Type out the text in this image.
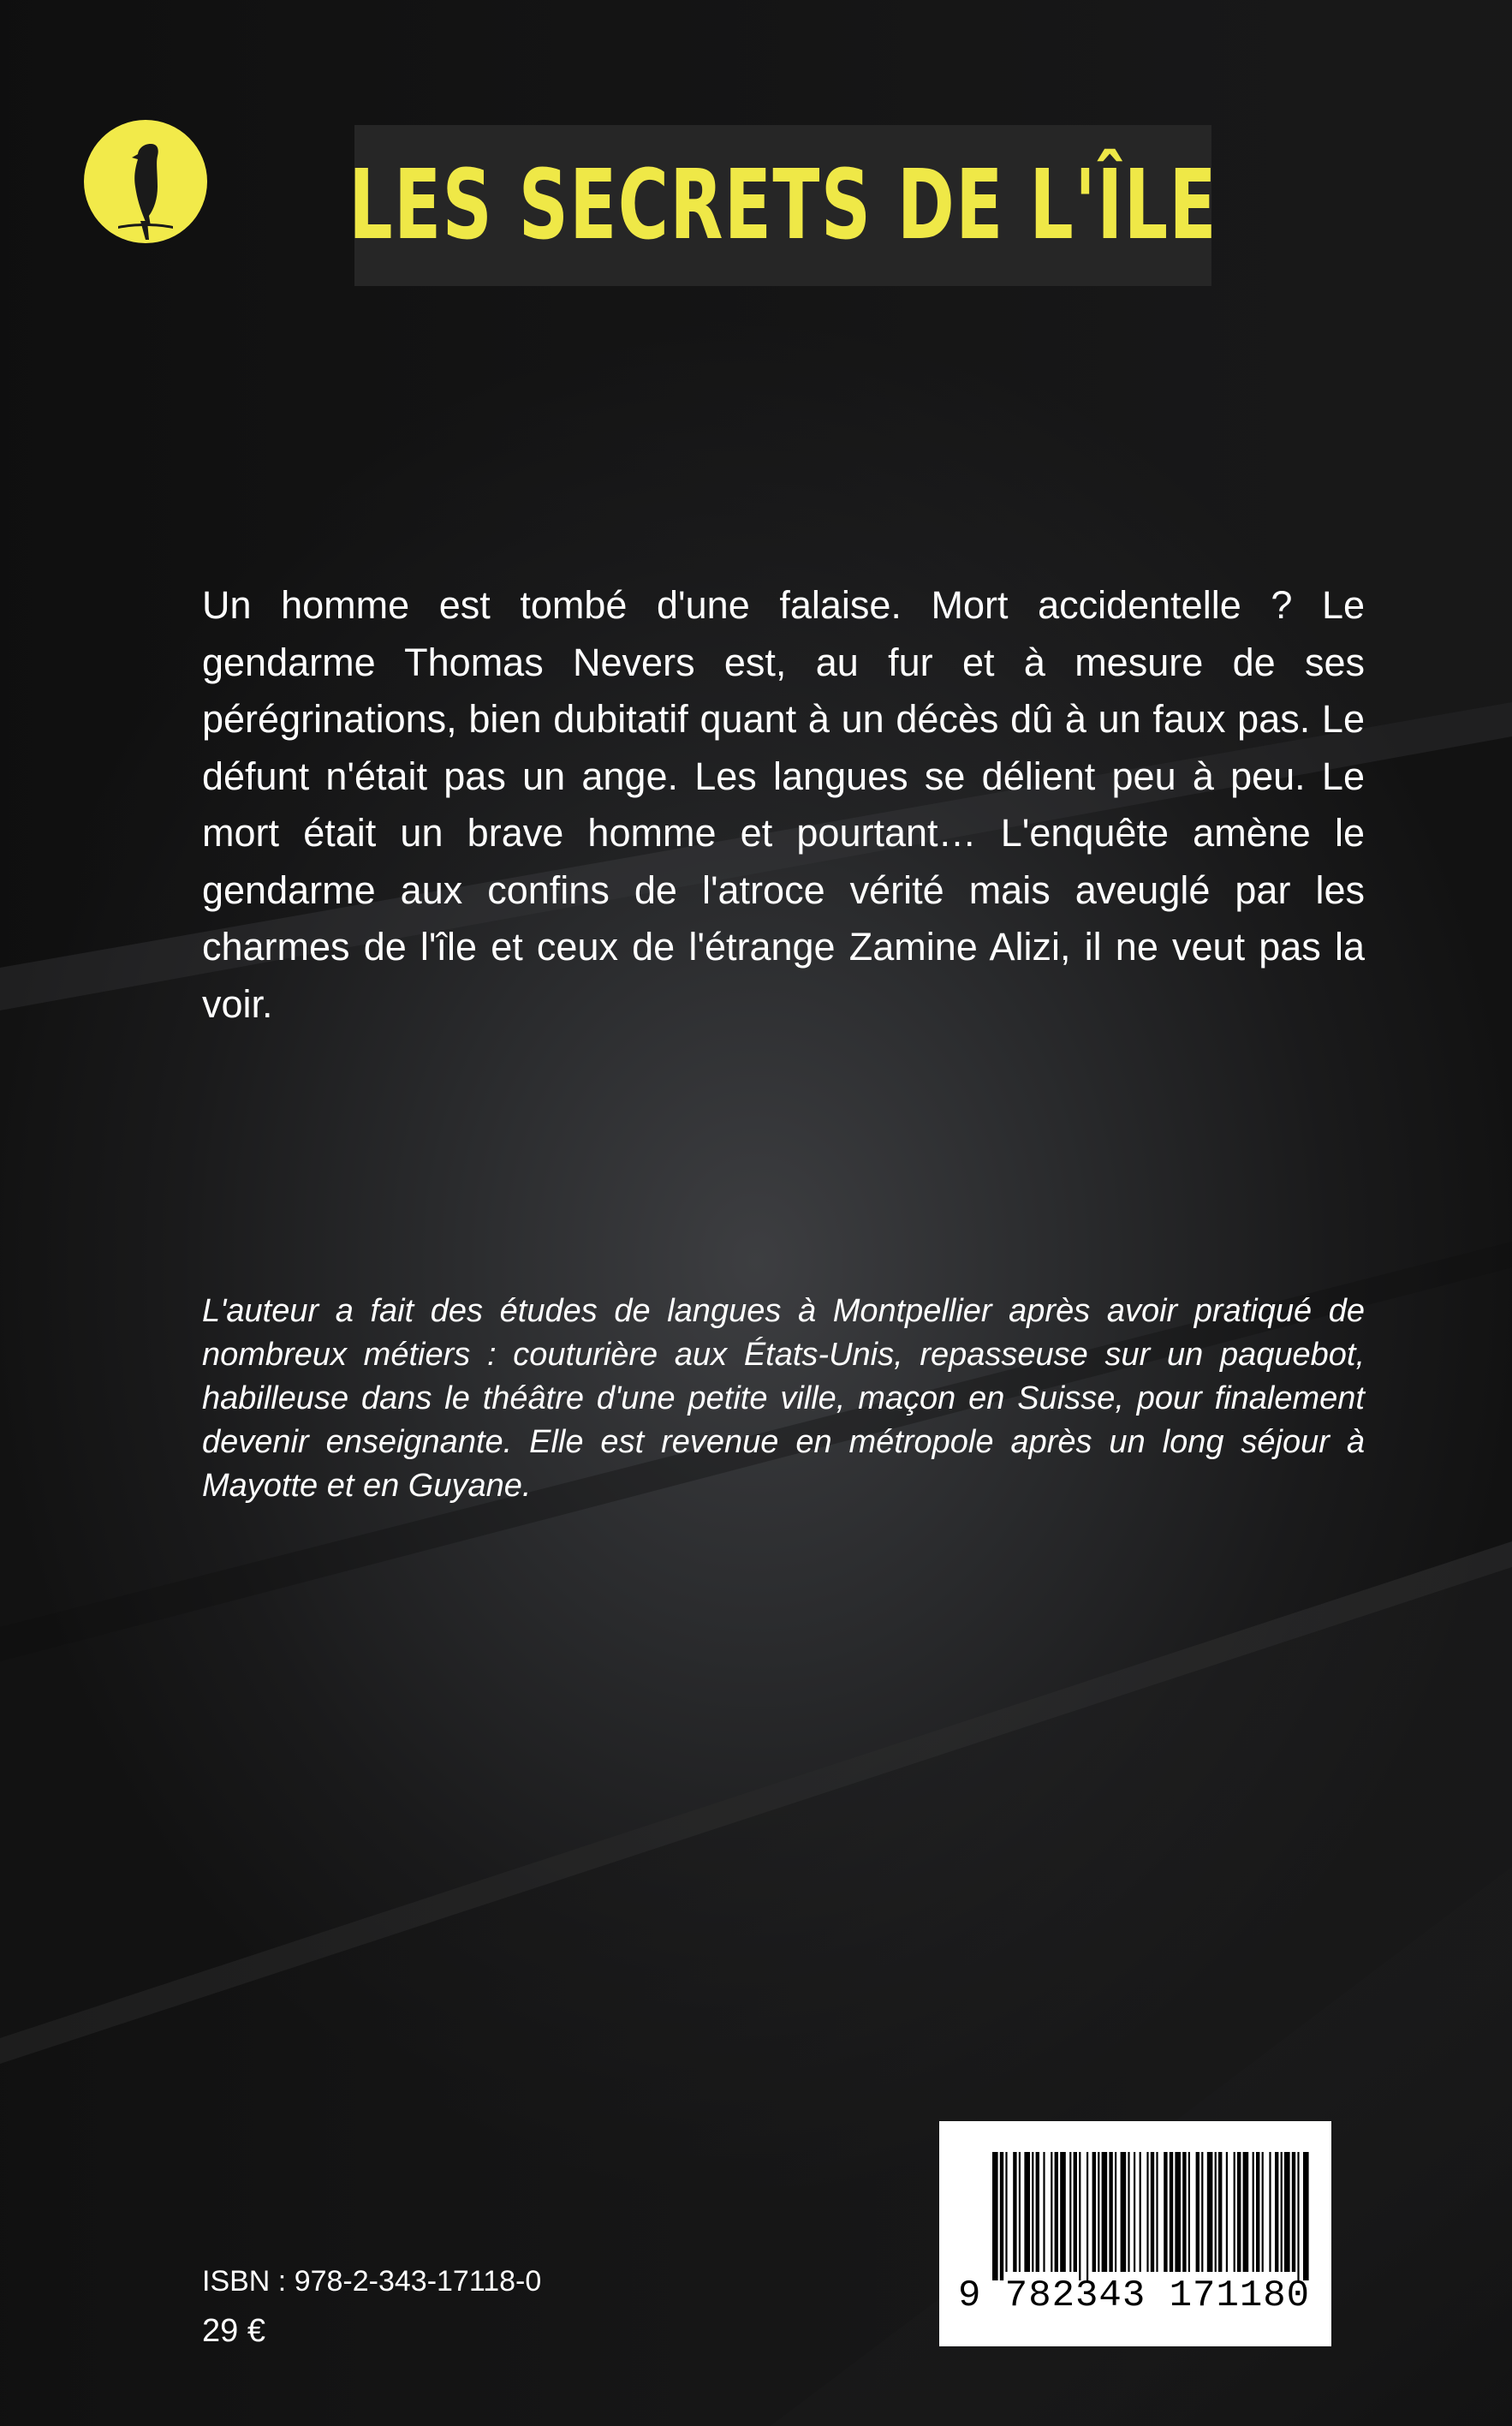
LES SECRETS DE L'ÎLE

Un homme est tombé d'une falaise. Mort accidentelle ? Le gendarme Thomas Nevers est, au fur et à mesure de ses pérégrinations, bien dubitatif quant à un décès dû à un faux pas. Le défunt n'était pas un ange. Les langues se délient peu à peu. Le mort était un brave homme et pourtant… L'enquête amène le gendarme aux confins de l'atroce vérité mais aveuglé par les charmes de l'île et ceux de l'étrange Zamine Alizi, il ne veut pas la voir.

L'auteur a fait des études de langues à Montpellier après avoir pratiqué de nombreux métiers : couturière aux États-Unis, repasseuse sur un paquebot, habilleuse dans le théâtre d'une petite ville, maçon en Suisse, pour finalement devenir enseignante. Elle est revenue en métropole après un long séjour à Mayotte et en Guyane.

ISBN : 978-2-343-17118-0
29 €
9 782343 171180
